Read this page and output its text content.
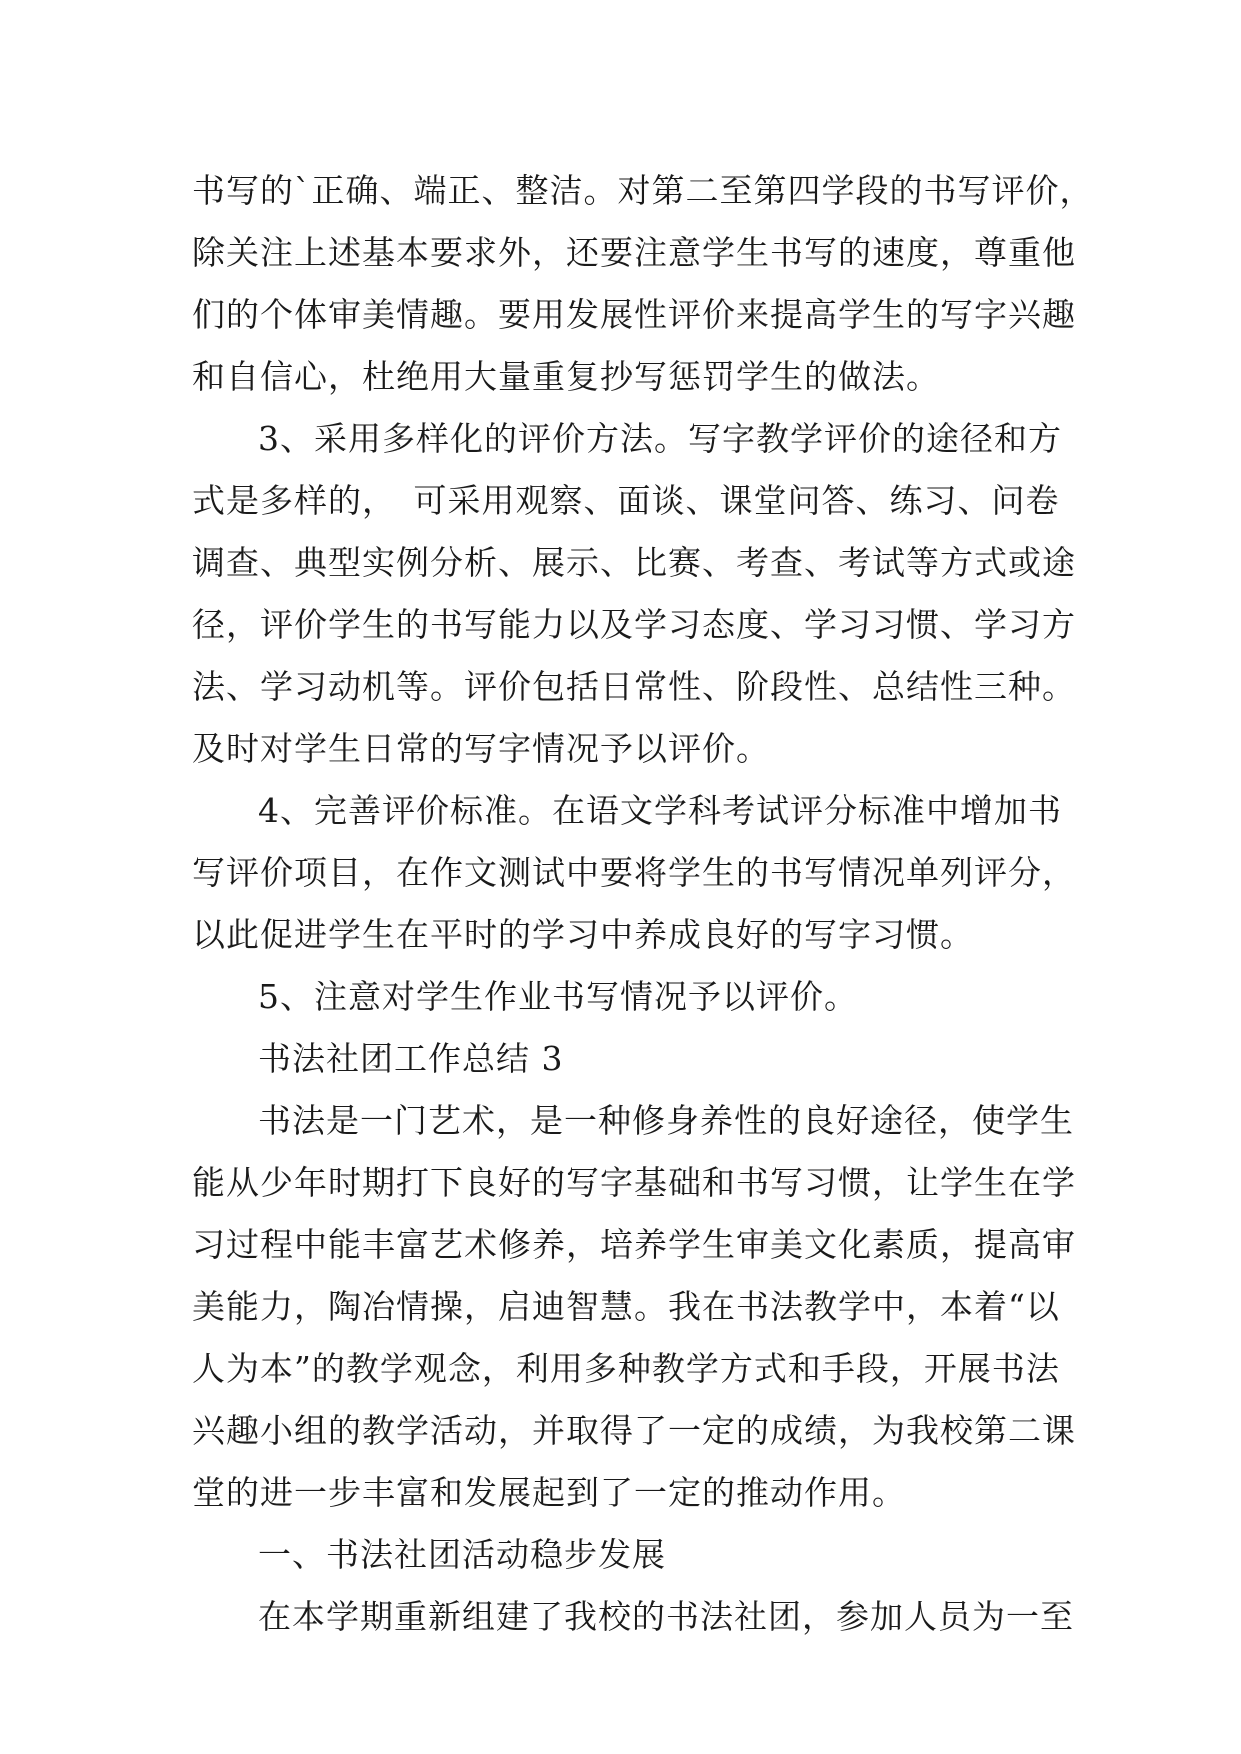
书写的`正确、端正、整洁。对第二至第四学段的书写评价，
除关注上述基本要求外，还要注意学生书写的速度，尊重他
们的个体审美情趣。要用发展性评价来提高学生的写字兴趣
和自信心，杜绝用大量重复抄写惩罚学生的做法。
3、采用多样化的评价方法。写字教学评价的途径和方
式是多样的，　可采用观察、面谈、课堂问答、练习、问卷
调查、典型实例分析、展示、比赛、考查、考试等方式或途
径，评价学生的书写能力以及学习态度、学习习惯、学习方
法、学习动机等。评价包括日常性、阶段性、总结性三种。
及时对学生日常的写字情况予以评价。
4、完善评价标准。在语文学科考试评分标准中增加书
写评价项目，在作文测试中要将学生的书写情况单列评分，
以此促进学生在平时的学习中养成良好的写字习惯。
5、注意对学生作业书写情况予以评价。
书法社团工作总结 3
书法是一门艺术，是一种修身养性的良好途径，使学生
能从少年时期打下良好的写字基础和书写习惯，让学生在学
习过程中能丰富艺术修养，培养学生审美文化素质，提高审
美能力，陶冶情操，启迪智慧。我在书法教学中，本着“以
人为本”的教学观念，利用多种教学方式和手段，开展书法
兴趣小组的教学活动，并取得了一定的成绩，为我校第二课
堂的进一步丰富和发展起到了一定的推动作用。
一、书法社团活动稳步发展
在本学期重新组建了我校的书法社团，参加人员为一至
